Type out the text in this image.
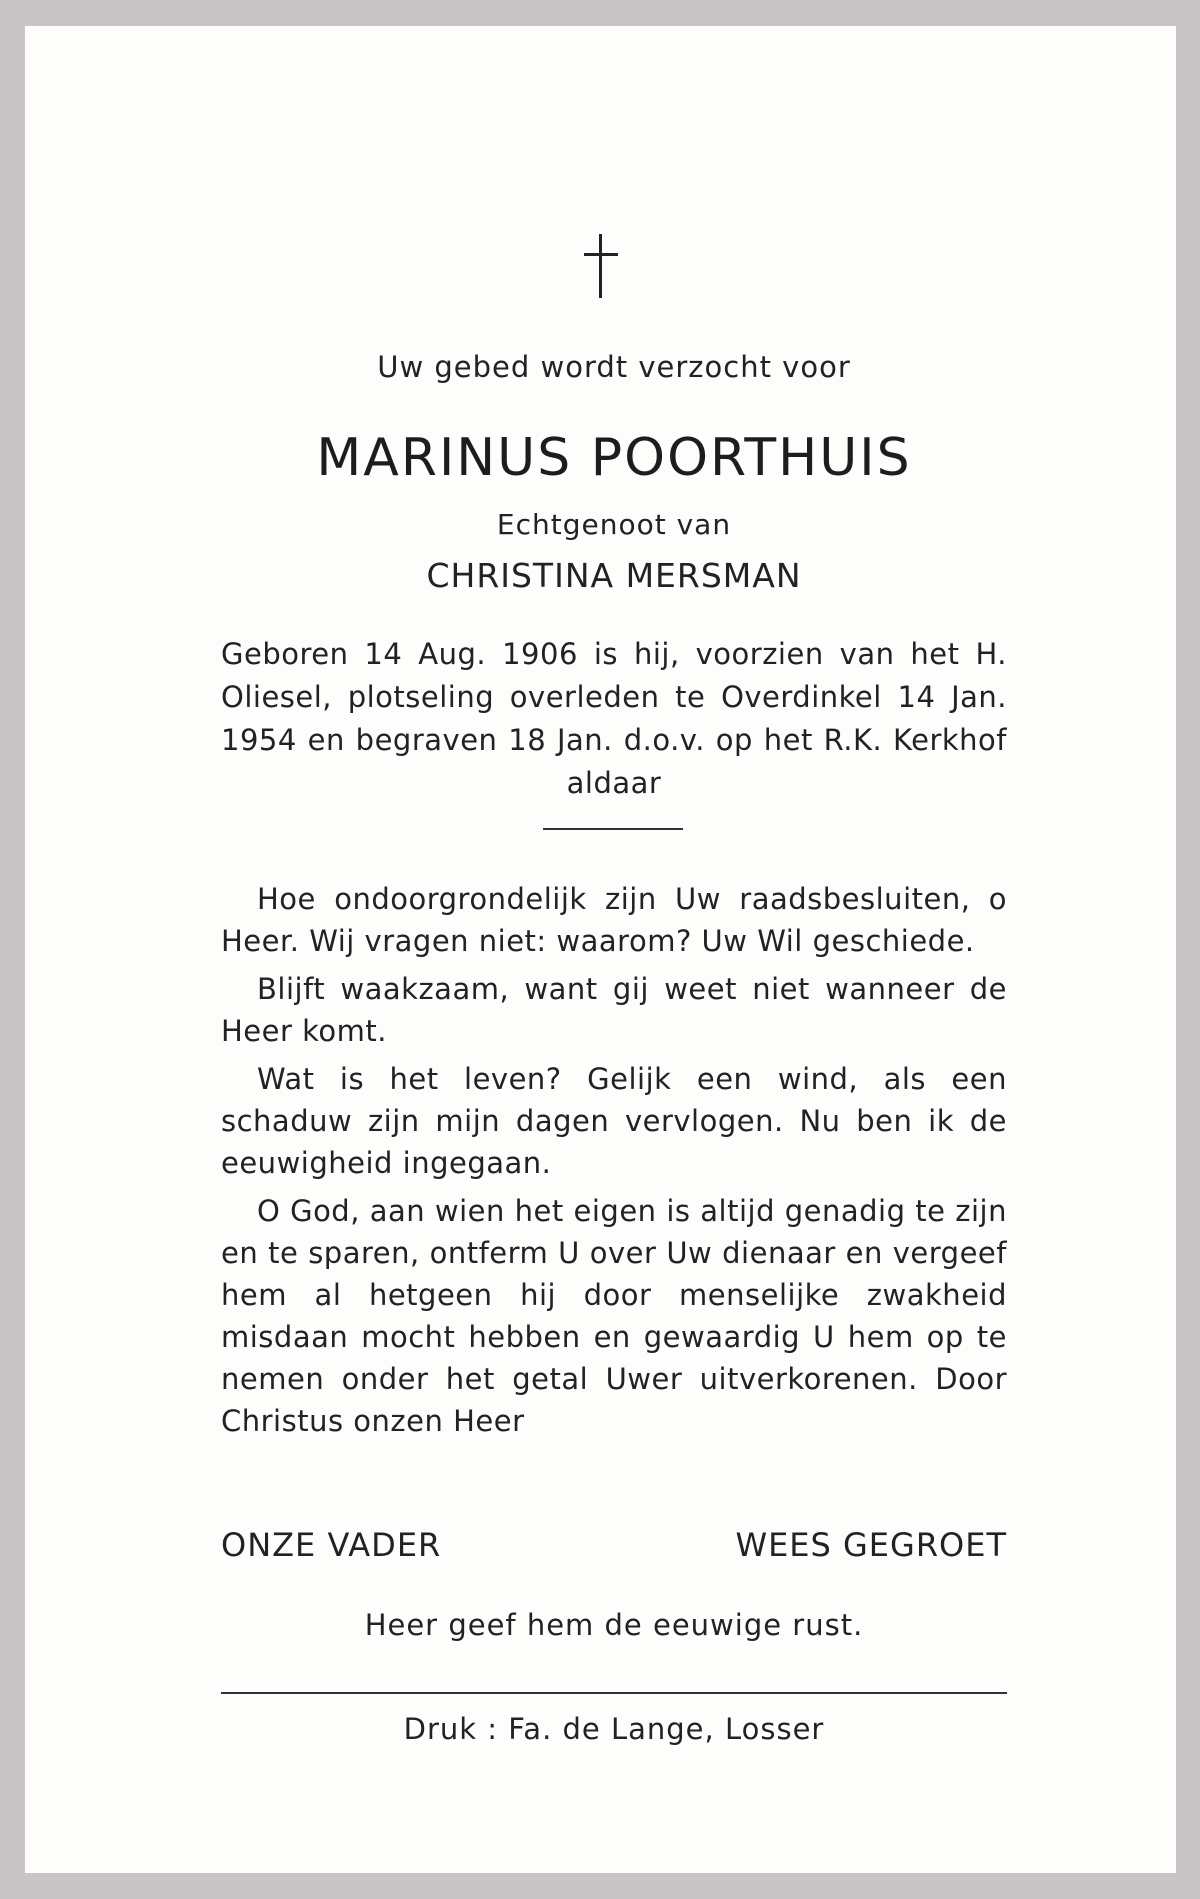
Uw gebed wordt verzocht voor
MARINUS POORTHUIS
Echtgenoot van
CHRISTINA MERSMAN
Geboren 14 Aug. 1906 is hij, voorzien van het H. Oliesel, plotseling overleden te Overdinkel 14 Jan. 1954 en begraven 18 Jan. d.o.v. op het R.K. Kerkhof aldaar

Hoe ondoorgrondelijk zijn Uw raadsbesluiten, o Heer. Wij vragen niet: waarom? Uw Wil geschiede.

Blijft waakzaam, want gij weet niet wanneer de Heer komt.

Wat is het leven? Gelijk een wind, als een schaduw zijn mijn dagen vervlogen. Nu ben ik de eeuwigheid ingegaan.

O God, aan wien het eigen is altijd genadig te zijn en te sparen, ontferm U over Uw dienaar en vergeef hem al hetgeen hij door menselijke zwakheid misdaan mocht hebben en gewaardig U hem op te nemen onder het getal Uwer uitverkorenen. Door Christus onzen Heer

ONZE VADER	WEES GEGROET
Heer geef hem de eeuwige rust.
Druk : Fa. de Lange, Losser
